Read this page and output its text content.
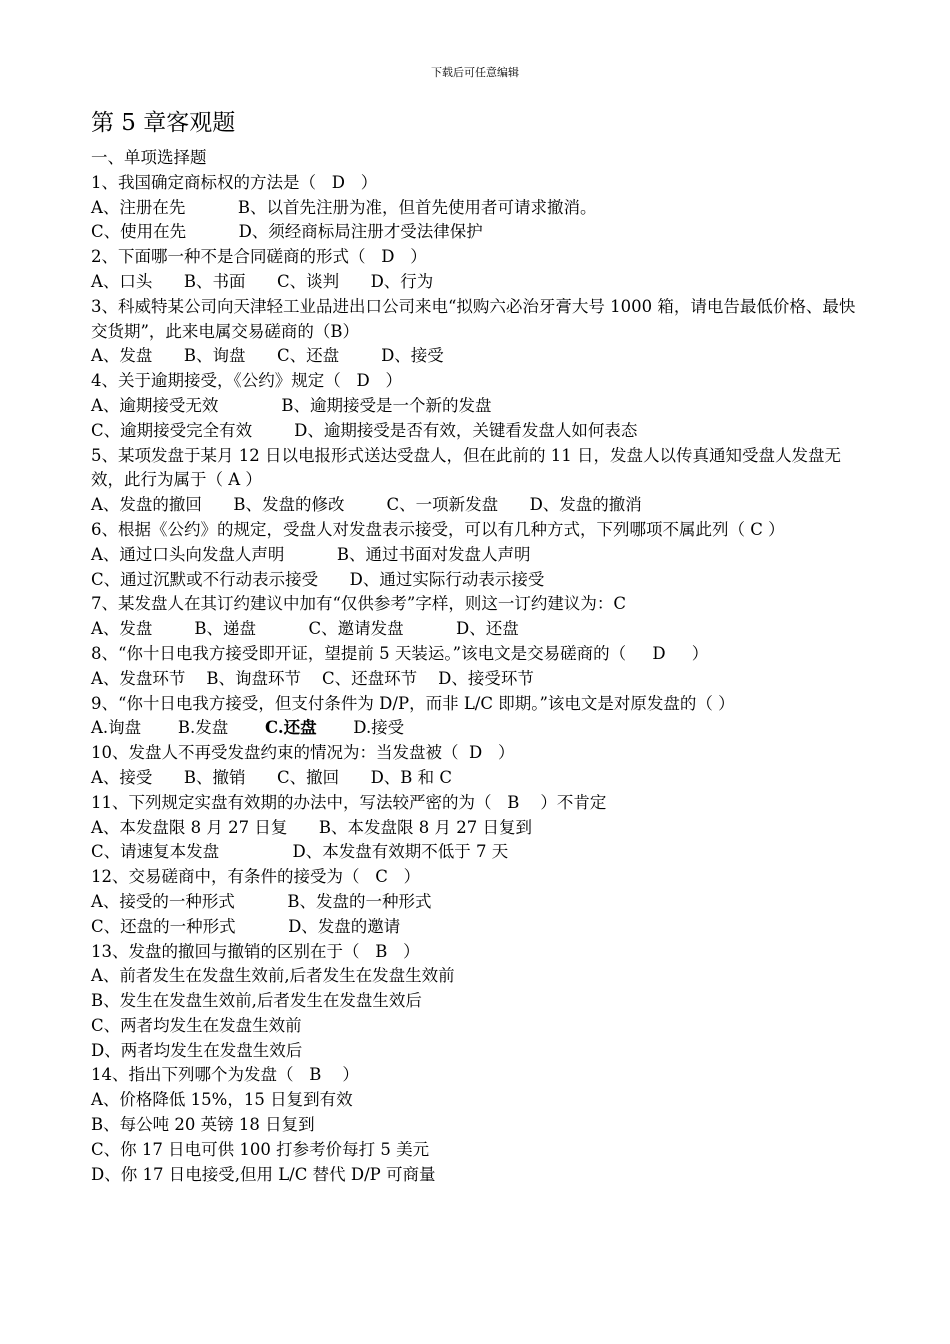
下载后可任意编辑
第 5 章客观题
一、单项选择题
1、我国确定商标权的方法是（   D   ）
A、注册在先          B、以首先注册为准，但首先使用者可请求撤消。
C、使用在先          D、须经商标局注册才受法律保护
2、下面哪一种不是合同磋商的形式（   D   ）
A、口头      B、书面      C、谈判      D、行为
3、科威特某公司向天津轻工业品进出口公司来电“拟购六必治牙膏大号 1000 箱，请电告最低价格、最快交货期”，此来电属交易磋商的（B）
A、发盘      B、询盘      C、还盘        D、接受
4、关于逾期接受，《公约》规定（   D   ）
A、逾期接受无效            B、逾期接受是一个新的发盘
C、逾期接受完全有效        D、逾期接受是否有效，关键看发盘人如何表态
5、某项发盘于某月 12 日以电报形式送达受盘人，但在此前的 11 日，发盘人以传真通知受盘人发盘无效，此行为属于（ A ）
A、发盘的撤回      B、发盘的修改        C、一项新发盘      D、发盘的撤消
6、根据《公约》的规定，受盘人对发盘表示接受，可以有几种方式，下列哪项不属此列（ C ）
A、通过口头向发盘人声明          B、通过书面对发盘人声明
C、通过沉默或不行动表示接受      D、通过实际行动表示接受
7、某发盘人在其订约建议中加有“仅供参考”字样，则这一订约建议为：C
A、发盘        B、递盘          C、邀请发盘          D、还盘
8、“你十日电我方接受即开证，望提前 5 天装运。”该电文是交易磋商的（     D     ）
A、发盘环节    B、询盘环节    C、还盘环节    D、接受环节
9、“你十日电我方接受，但支付条件为 D/P，而非 L/C 即期。”该电文是对原发盘的（ ）
A.询盘 B.发盘 C.还盘 D.接受
10、发盘人不再受发盘约束的情况为：当发盘被（  D   ）
A、接受      B、撤销      C、撤回      D、B 和 C
11、下列规定实盘有效期的办法中，写法较严密的为（   B    ）不肯定
A、本发盘限 8 月 27 日复      B、本发盘限 8 月 27 日复到
C、请速复本发盘              D、本发盘有效期不低于 7 天
12、交易磋商中，有条件的接受为（   C   ）
A、接受的一种形式          B、发盘的一种形式
C、还盘的一种形式          D、发盘的邀请
13、发盘的撤回与撤销的区别在于（   B   ）
A、前者发生在发盘生效前,后者发生在发盘生效前
B、发生在发盘生效前,后者发生在发盘生效后
C、两者均发生在发盘生效前
D、两者均发生在发盘生效后
14、指出下列哪个为发盘（   B    ）
A、价格降低 15%，15 日复到有效
B、每公吨 20 英镑 18 日复到
C、你 17 日电可供 100 打参考价每打 5 美元
D、你 17 日电接受,但用 L/C 替代 D/P 可商量
